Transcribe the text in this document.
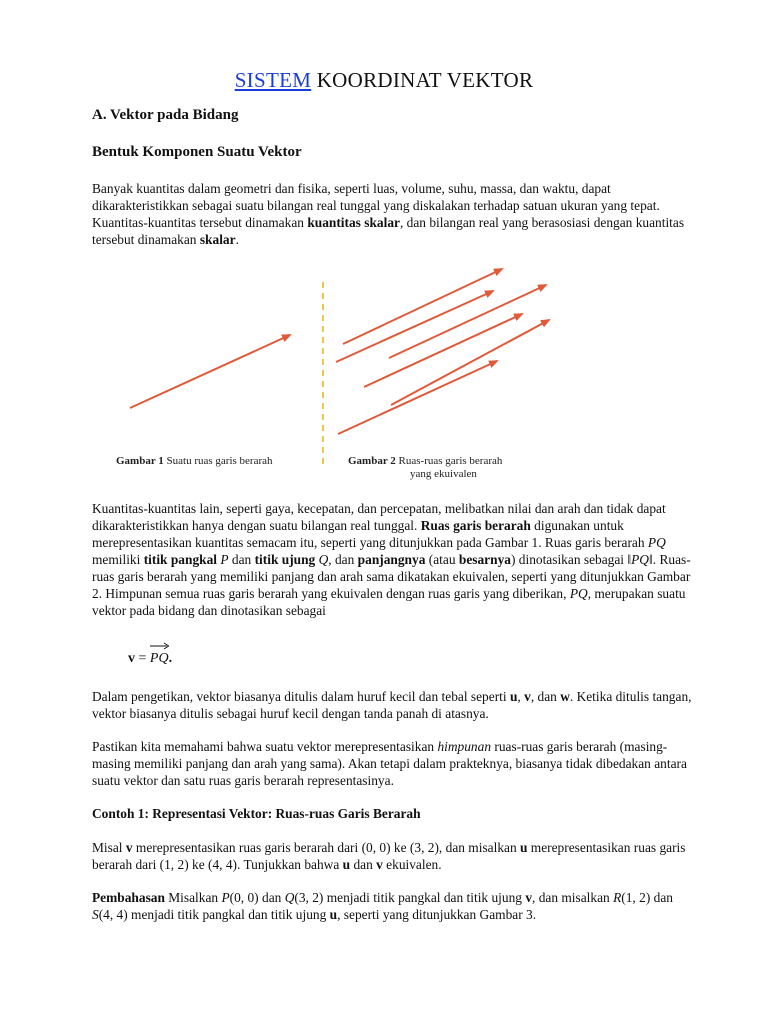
SISTEM KOORDINAT VEKTOR
A. Vektor pada Bidang
Bentuk Komponen Suatu Vektor
Banyak kuantitas dalam geometri dan fisika, seperti luas, volume, suhu, massa, dan waktu, dapat dikarakteristikkan sebagai suatu bilangan real tunggal yang diskalakan terhadap satuan ukuran yang tepat. Kuantitas-kuantitas tersebut dinamakan kuantitas skalar, dan bilangan real yang berasosiasi dengan kuantitas tersebut dinamakan skalar.
Gambar 1 Suatu ruas garis berarah	Gambar 2 Ruas-ruas garis berarah
yang ekuivalen
Kuantitas-kuantitas lain, seperti gaya, kecepatan, dan percepatan, melibatkan nilai dan arah dan tidak dapat dikarakteristikkan hanya dengan suatu bilangan real tunggal. Ruas garis berarah digunakan untuk merepresentasikan kuantitas semacam itu, seperti yang ditunjukkan pada Gambar 1. Ruas garis berarah PQ memiliki titik pangkal P dan titik ujung Q, dan panjangnya (atau besarnya) dinotasikan sebagai ‖PQ‖. Ruas-ruas garis berarah yang memiliki panjang dan arah sama dikatakan ekuivalen, seperti yang ditunjukkan Gambar 2. Himpunan semua ruas garis berarah yang ekuivalen dengan ruas garis yang diberikan, PQ, merupakan suatu vektor pada bidang dan dinotasikan sebagai
v =
PQ.
Dalam pengetikan, vektor biasanya ditulis dalam huruf kecil dan tebal seperti u, v, dan w. Ketika ditulis tangan, vektor biasanya ditulis sebagai huruf kecil dengan tanda panah di atasnya.
Pastikan kita memahami bahwa suatu vektor merepresentasikan himpunan ruas-ruas garis berarah (masing-masing memiliki panjang dan arah yang sama). Akan tetapi dalam prakteknya, biasanya tidak dibedakan antara suatu vektor dan satu ruas garis berarah representasinya.
Contoh 1: Representasi Vektor: Ruas-ruas Garis Berarah
Misal v merepresentasikan ruas garis berarah dari (0, 0) ke (3, 2), dan misalkan u merepresentasikan ruas garis berarah dari (1, 2) ke (4, 4). Tunjukkan bahwa u dan v ekuivalen.
Pembahasan Misalkan P(0, 0) dan Q(3, 2) menjadi titik pangkal dan titik ujung v, dan misalkan R(1, 2) dan S(4, 4) menjadi titik pangkal dan titik ujung u, seperti yang ditunjukkan Gambar 3.
